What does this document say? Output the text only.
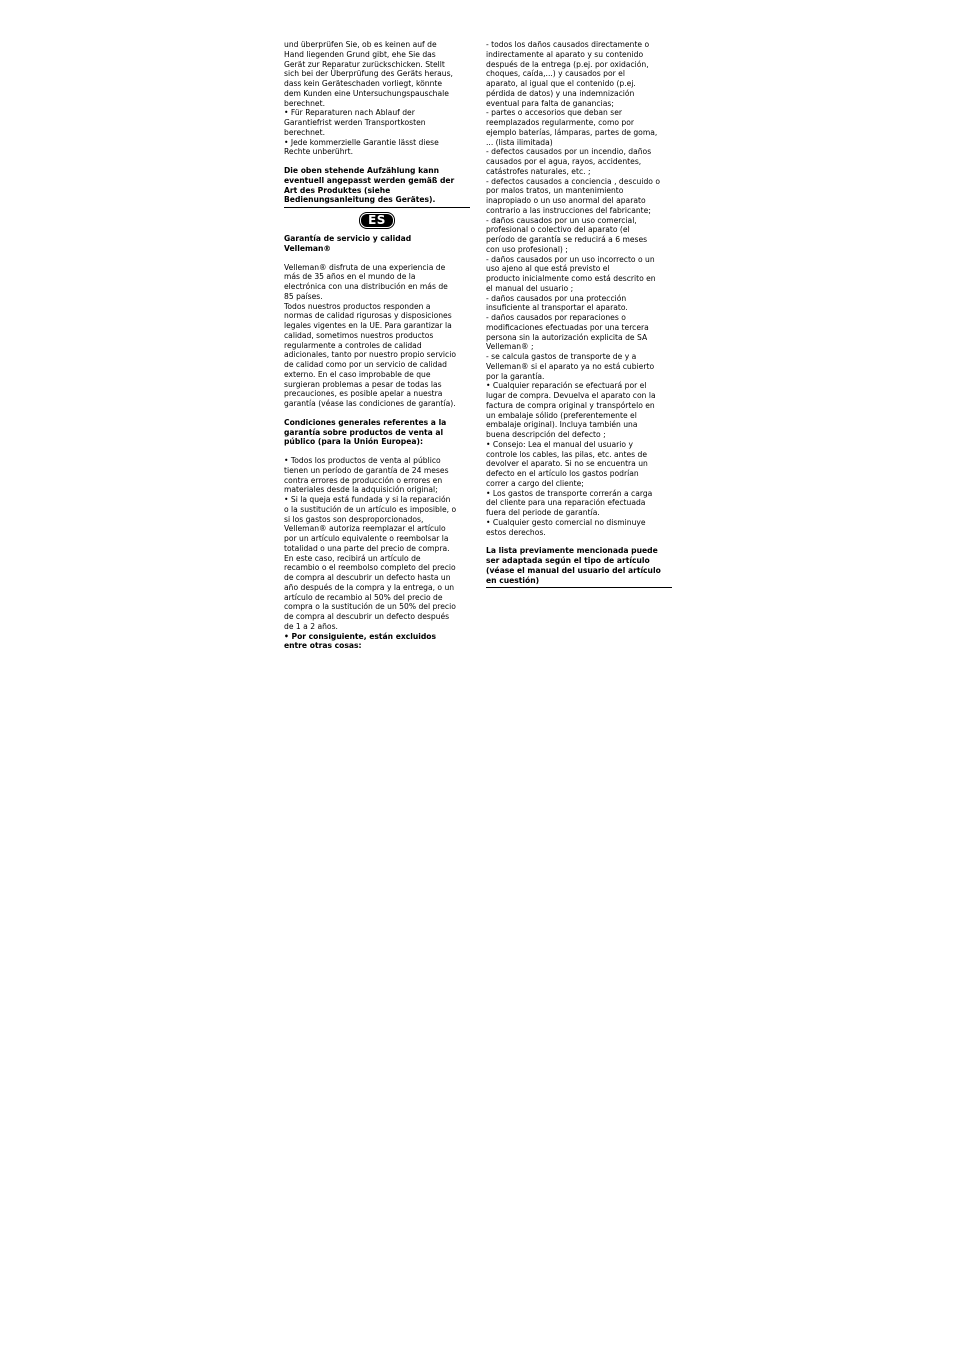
und überprüfen Sie, ob es keinen auf de
Hand liegenden Grund gibt, ehe Sie das
Gerät zur Reparatur zurückschicken. Stellt
sich bei der Überprüfung des Geräts heraus,
dass kein Geräteschaden vorliegt, könnte
dem Kunden eine Untersuchungspauschale
berechnet.
• Für Reparaturen nach Ablauf der
Garantiefrist werden Transportkosten
berechnet.
• Jede kommerzielle Garantie lässt diese
Rechte unberührt.

Die oben stehende Aufzählung kann
eventuell angepasst werden gemäß der
Art des Produktes (siehe
Bedienungsanleitung des Gerätes).

ES

Garantía de servicio y calidad
Velleman®

Velleman® disfruta de una experiencia de
más de 35 años en el mundo de la
electrónica con una distribución en más de
85 países.
Todos nuestros productos responden a
normas de calidad rigurosas y disposiciones
legales vigentes en la UE. Para garantizar la
calidad, sometimos nuestros productos
regularmente a controles de calidad
adicionales, tanto por nuestro propio servicio
de calidad como por un servicio de calidad
externo. En el caso improbable de que
surgieran problemas a pesar de todas las
precauciones, es posible apelar a nuestra
garantía (véase las condiciones de garantía).

Condiciones generales referentes a la
garantía sobre productos de venta al
público (para la Unión Europea):

• Todos los productos de venta al público
tienen un período de garantía de 24 meses
contra errores de producción o errores en
materiales desde la adquisición original;
• Si la queja está fundada y si la reparación
o la sustitución de un artículo es imposible, o
si los gastos son desproporcionados,
Velleman® autoriza reemplazar el artículo
por un artículo equivalente o reembolsar la
totalidad o una parte del precio de compra.
En este caso, recibirá un artículo de
recambio o el reembolso completo del precio
de compra al descubrir un defecto hasta un
año después de la compra y la entrega, o un
artículo de recambio al 50% del precio de
compra o la sustitución de un 50% del precio
de compra al descubrir un defecto después
de 1 a 2 años.

• Por consiguiente, están excluidos
entre otras cosas:

- todos los daños causados directamente o
indirectamente al aparato y su contenido
después de la entrega (p.ej. por oxidación,
choques, caída,...) y causados por el
aparato, al igual que el contenido (p.ej.
pérdida de datos) y una indemnización
eventual para falta de ganancias;
- partes o accesorios que deban ser
reemplazados regularmente, como por
ejemplo baterías, lámparas, partes de goma,
... (lista ilimitada)
- defectos causados por un incendio, daños
causados por el agua, rayos, accidentes,
catástrofes naturales, etc. ;
- defectos causados a conciencia , descuido o
por malos tratos, un mantenimiento
inapropiado o un uso anormal del aparato
contrario a las instrucciones del fabricante;
- daños causados por un uso comercial,
profesional o colectivo del aparato (el
período de garantía se reducirá a 6 meses
con uso profesional) ;
- daños causados por un uso incorrecto o un
uso ajeno al que está previsto el
producto inicialmente como está descrito en
el manual del usuario ;
- daños causados por una protección
insuficiente al transportar el aparato.
- daños causados por reparaciones o
modificaciones efectuadas por una tercera
persona sin la autorización explicita de SA
Velleman® ;
- se calcula gastos de transporte de y a
Velleman® si el aparato ya no está cubierto
por la garantía.
• Cualquier reparación se efectuará por el
lugar de compra. Devuelva el aparato con la
factura de compra original y transpórtelo en
un embalaje sólido (preferentemente el
embalaje original). Incluya también una
buena descripción del defecto ;
• Consejo: Lea el manual del usuario y
controle los cables, las pilas, etc. antes de
devolver el aparato. Si no se encuentra un
defecto en el artículo los gastos podrían
correr a cargo del cliente;
• Los gastos de transporte correrán a carga
del cliente para una reparación efectuada
fuera del periode de garantía.
• Cualquier gesto comercial no disminuye
estos derechos.

La lista previamente mencionada puede
ser adaptada según el tipo de artículo
(véase el manual del usuario del artículo
en cuestión)
